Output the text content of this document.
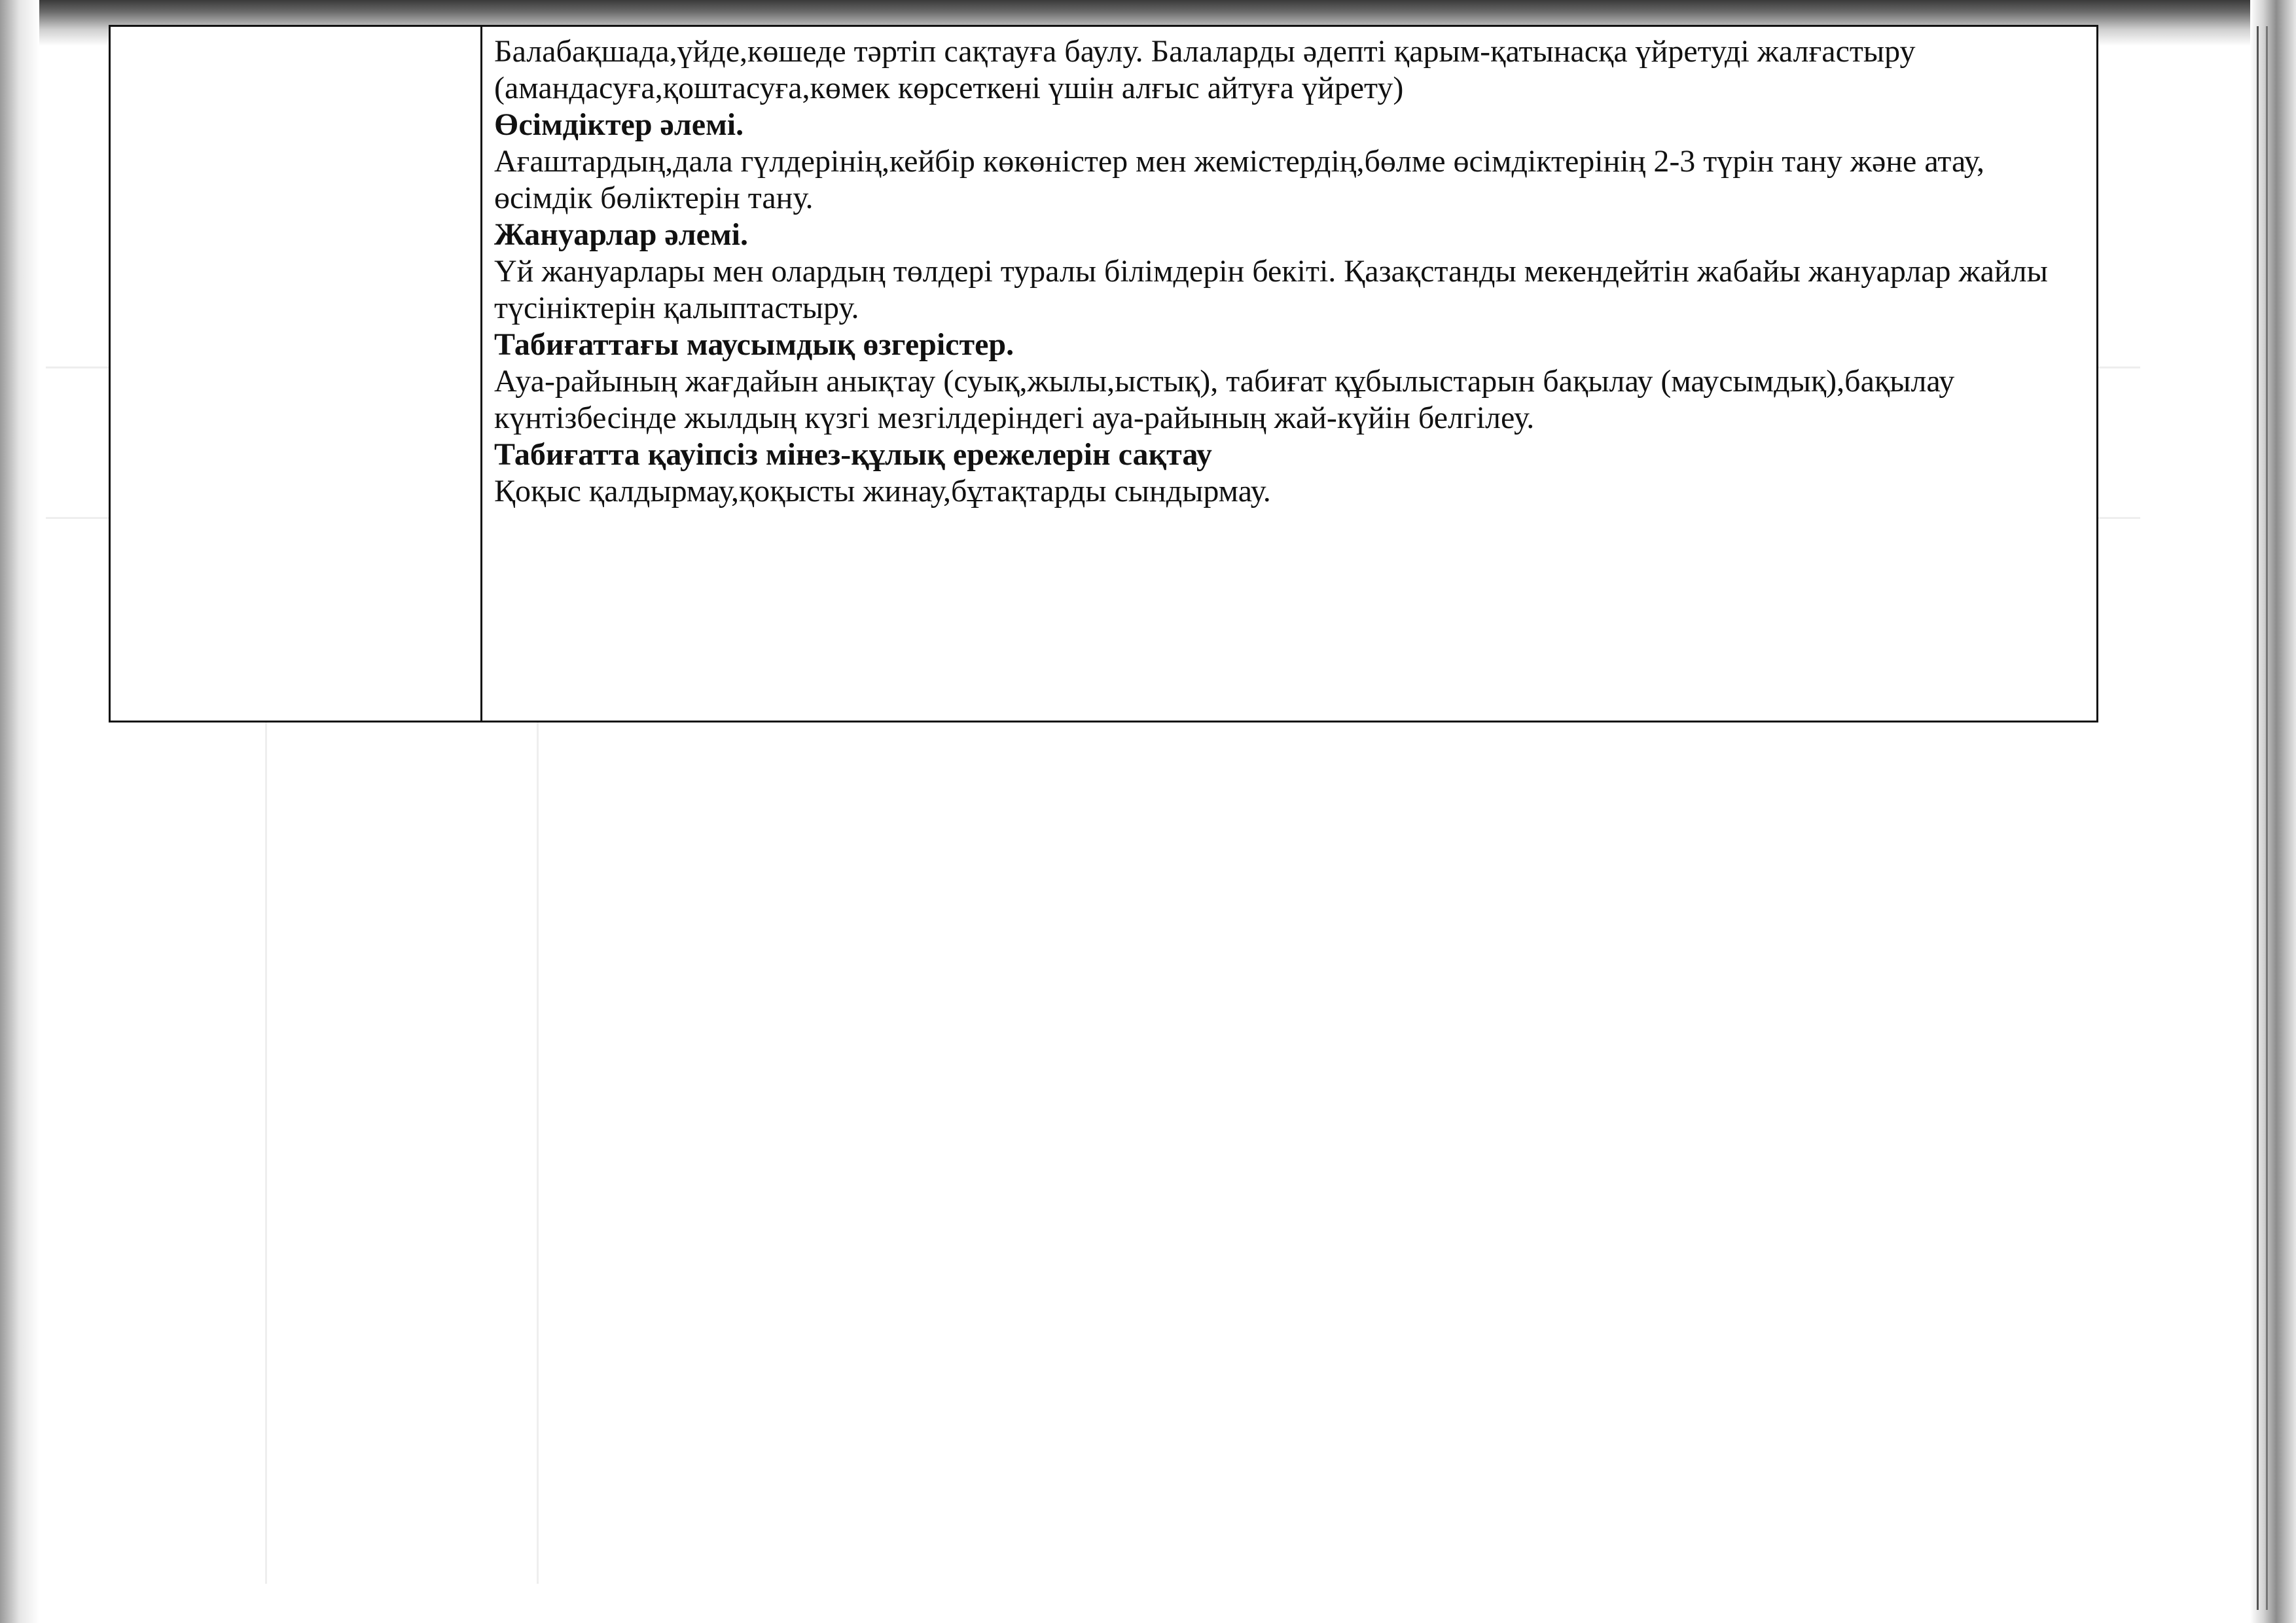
Балабақшада,үйде,көшеде тәртіп сақтауға баулу. Балаларды әдепті қарым-қатынасқа үйретуді жалғастыру (амандасуға,қоштасуға,көмек көрсеткені үшін алғыс айтуға үйрету)

Өсімдіктер әлемі.

Ағаштардың,дала гүлдерінің,кейбір көкөністер мен жемістердің,бөлме өсімдіктерінің 2-3 түрін тану және атау, өсімдік бөліктерін тану.

Жануарлар әлемі.

Үй жануарлары мен олардың төлдері туралы білімдерін бекіті. Қазақстанды мекендейтін жабайы жануарлар жайлы түсініктерін қалыптастыру.

Табиғаттағы маусымдық өзгерістер.

Ауа-райының жағдайын анықтау (суық,жылы,ыстық), табиғат құбылыстарын бақылау (маусымдық),бақылау күнтізбесінде жылдың күзгі мезгілдеріндегі ауа-райының жай-күйін белгілеу.

Табиғатта қауіпсіз мінез-құлық ережелерін сақтау

Қоқыс қалдырмау,қоқысты жинау,бұтақтарды сындырмау.
